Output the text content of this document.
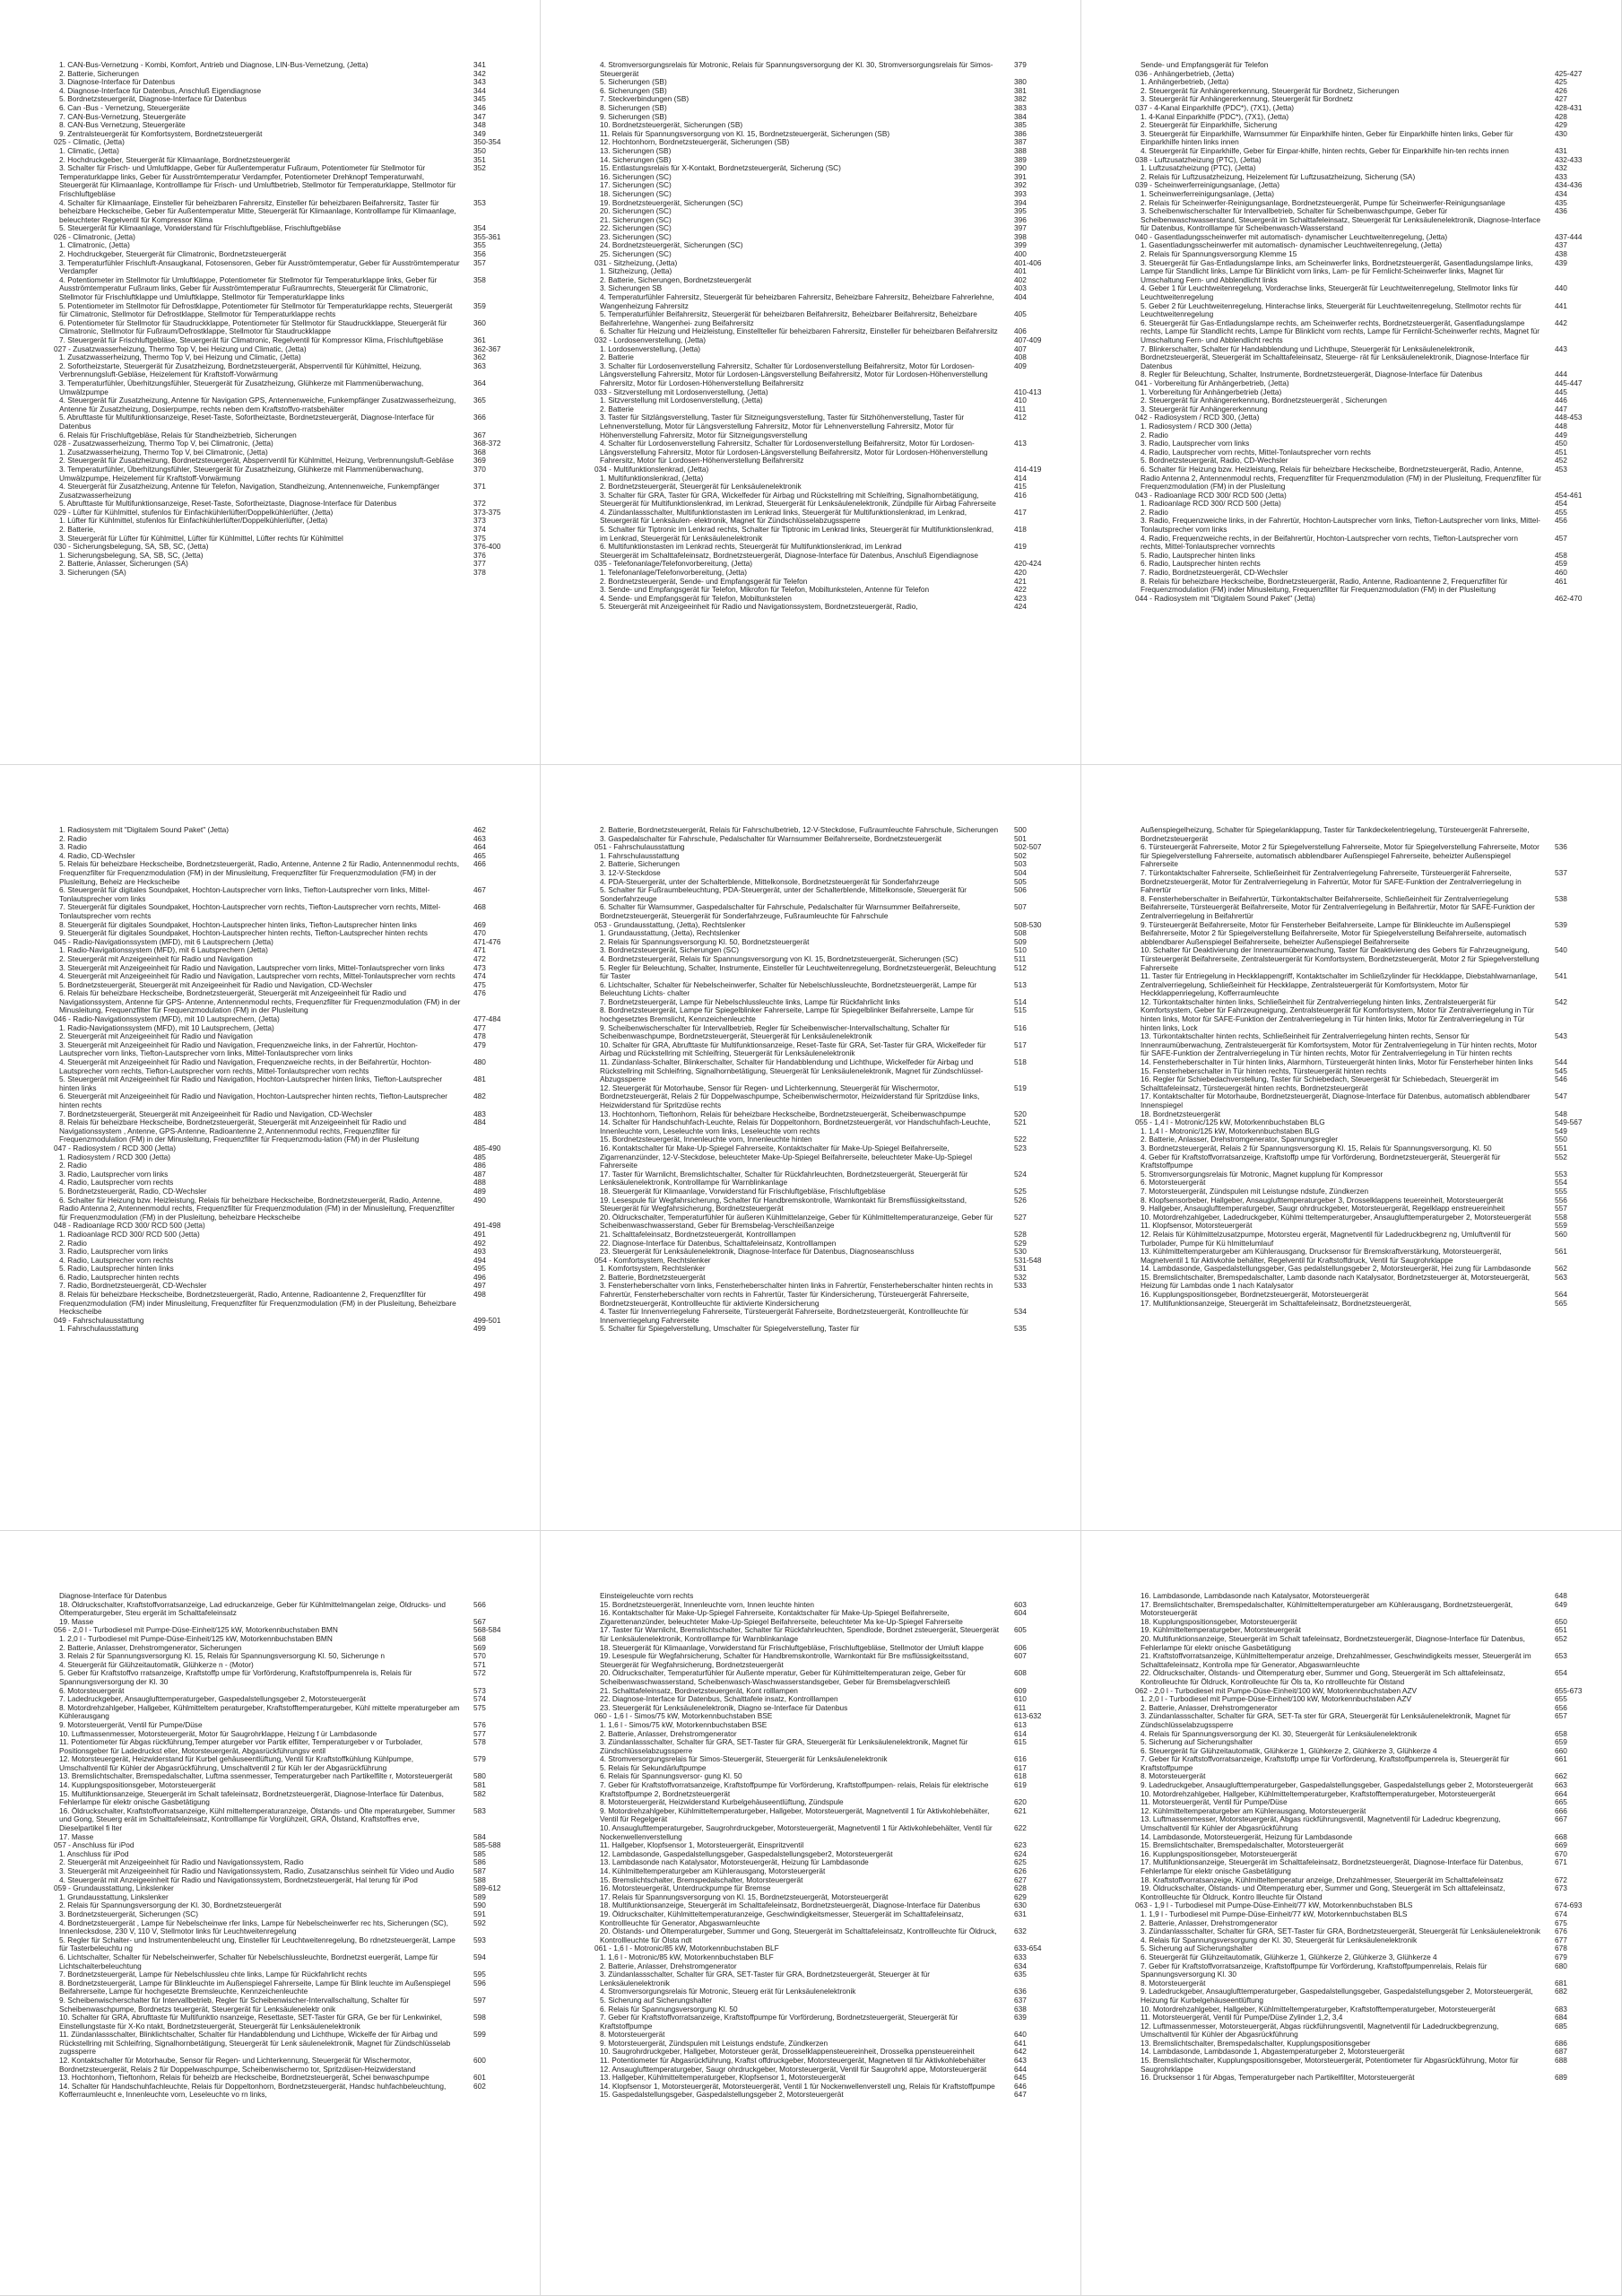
1. CAN-Bus-Vernetzung - Kombi, Komfort, Antrieb und Diagnose, LIN-Bus-Vernetzung, (Jetta)	341
2. Batterie, Sicherungen	342
3. Diagnose-Interface für Datenbus	343
4. Diagnose-Interface für Datenbus, Anschluß Eigendiagnose	344
5. Bordnetzsteuergerät, Diagnose-Interface für Datenbus	345
6. Can -Bus - Vernetzung, Steuergeräte	346
7. CAN-Bus-Vernetzung, Steuergeräte	347
8. CAN-Bus Vernetzung, Steuergeräte	348
9. Zentralsteuergerät für Komfortsystem, Bordnetzsteuergerät	349
025 - Climatic, (Jetta)	350-354
1. Climatic, (Jetta)	350
2. Hochdruckgeber, Steuergerät für Klimaanlage, Bordnetzsteuergerät	351
3. Schalter für Frisch- und Umluftklappe, Geber für Außentemperatur Fußraum, Potentiometer für Stellmotor für Temperaturklappe links, Geber für Ausströmtemperatur Verdampfer, Potentiometer Drehknopf Temperaturwahl, Steuergerät für Klimaanlage, Kontrolllampe für Frisch- und Umluftbetrieb, Stellmotor für Temperaturklappe, Stellmotor für Frischluftgebläse
352
4. Schalter für Klimaanlage, Einsteller für beheizbaren Fahrersitz, Einsteller für beheizbaren Beifahrersitz, Taster für beheizbare Heckscheibe, Geber für Außentemperatur Mitte, Steuergerät für Klimaanlage, Kontrolllampe für Klimaanlage, beleuchteter Regelventil für Kompressor Klima
353
5. Steuergerät für Klimaanlage, Vorwiderstand für Frischluftgebläse, Frischluftgebläse	354
026 - Climatronic, (Jetta)	355-361
1. Climatronic, (Jetta)	355
2. Hochdruckgeber, Steuergerät für Climatronic, Bordnetzsteuergerät	356
3. Temperaturfühler Frischluft-Ansaugkanal, Fotosensoren, Geber für Ausströmtemperatur, Geber für Ausströmtemperatur Verdampfer
357
4. Potentiometer im Stellmotor für Umluftklappe, Potentiometer für Stellmotor für Temperaturklappe links, Geber für Ausströmtemperatur Fußraum links, Geber für Ausströmtemperatur Fußraumrechts, Steuergerät für Climatronic, Stellmotor für Frischluftklappe und Umluftklappe, Stellmotor für Temperaturklappe links
358
5. Potentiometer im Stellmotor für Defrostklappe, Potentiometer für Stellmotor für Temperaturklappe rechts, Steuergerät für Climatronic, Stellmotor für Defrostklappe, Stellmotor für Temperaturklappe rechts
359
6. Potentiometer für Stellmotor für Staudruckklappe, Potentiometer für Stellmotor für Staudruckklappe, Steuergerät für Climatronic, Stellmotor für Fußraum/Defrostklappe, Stellmotor für Staudruckklappe
360
7. Steuergerät für Frischluftgebläse, Steuergerät für Climatronic, Regelventil für Kompressor Klima, Frischluftgebläse	361
027 - Zusatzwasserheizung, Thermo Top V, bei Heizung und Climatic, (Jetta)	362-367
1. Zusatzwasserheizung, Thermo Top V, bei Heizung und Climatic, (Jetta)	362
2. Sofortheizstarte, Steuergerät für Zusatzheizung, Bordnetzsteuergerät, Absperrventil für Kühlmittel, Heizung, Verbrennungsluft-Gebläse, Heizelement für Kraftstoff-Vorwärmung
363
3. Temperaturfühler, Überhitzungsfühler, Steuergerät für Zusatzheizung, Glühkerze mit Flammenüberwachung, Umwälzpumpe
364
4. Steuergerät für Zusatzheizung, Antenne für Navigation GPS, Antennenweiche, Funkempfänger Zusatzwasserheizung, Antenne für Zusatzheizung, Dosierpumpe, rechts neben dem Kraftstoffvo-rratsbehälter
365
5. Abrufttaste für Multifunktionsanzeige, Reset-Taste, Sofortheiztaste, Bordnetzsteuergerät, Diagnose-Interface für Datenbus
366
6. Relais für Frischluftgebläse, Relais für Standheizbetrieb, Sicherungen	367
028 - Zusatzwasserheizung, Thermo Top V, bei Climatronic, (Jetta)	368-372
1. Zusatzwasserheizung, Thermo Top V, bei Climatronic, (Jetta)	368
2. Steuergerät für Zusatzheizung, Bordnetzsteuergerät, Absperrventil für Kühlmittel, Heizung, Verbrennungsluft-Gebläse	369
3. Temperaturfühler, Überhitzungsfühler, Steuergerät für Zusatzheizung, Glühkerze mit Flammenüberwachung, Umwälzpumpe, Heizelement für Kraftstoff-Vorwärmung
370
4. Steuergerät für Zusatzheizung, Antenne für Telefon, Navigation, Standheizung, Antennenweiche, Funkempfänger Zusatzwasserheizung
371
5. Abrufttaste für Multifunktionsanzeige, Reset-Taste, Sofortheiztaste, Diagnose-Interface für Datenbus	372
029 - Lüfter für Kühlmittel, stufenlos für Einfachkühlerlüfter/Doppelkühlerlüfter, (Jetta)	373-375
1. Lüfter für Kühlmittel, stufenlos für Einfachkühlerlüfter/Doppelkühlerlüfter, (Jetta)	373
2. Batterie,	374
3. Steuergerät für Lüfter für Kühlmittel, Lüfter für Kühlmittel, Lüfter rechts für Kühlmittel	375
030 - Sicherungsbelegung, SA, SB, SC, (Jetta)	376-400
1. Sicherungsbelegung, SA, SB, SC, (Jetta)	376
2. Batterie, Anlasser, Sicherungen (SA)	377
3. Sicherungen (SA)	378
4. Stromversorgungsrelais für Motronic, Relais für Spannungsversorgung der Kl. 30, Stromversorgungsrelais für Simos-Steuergerät
379
5. Sicherungen (SB)	380
6. Sicherungen (SB)	381
7. Steckverbindungen (SB)	382
8. Sicherungen (SB)	383
9. Sicherungen (SB)	384
10. Bordnetzsteuergerät, Sicherungen (SB)	385
11. Relais für Spannungsversorgung von Kl. 15, Bordnetzsteuergerät, Sicherungen (SB)	386
12. Hochtonhorn, Bordnetzsteuergerät, Sicherungen (SB)	387
13. Sicherungen (SB)	388
14. Sicherungen (SB)	389
15. Entlastungsrelais für X-Kontakt, Bordnetzsteuergerät, Sicherung (SC)	390
16. Sicherungen (SC)	391
17. Sicherungen (SC)	392
18. Sicherungen (SC)	393
19. Bordnetzsteuergerät, Sicherungen (SC)	394
20. Sicherungen (SC)	395
21. Sicherungen (SC)	396
22. Sicherungen (SC)	397
23. Sicherungen (SC)	398
24. Bordnetzsteuergerät, Sicherungen (SC)	399
25. Sicherungen (SC)	400
031 - Sitzheizung, (Jetta)	401-406
1. Sitzheizung, (Jetta)	401
2. Batterie, Sicherungen, Bordnetzsteuergerät	402
3. Sicherungen SB	403
4. Temperaturfühler Fahrersitz, Steuergerät für beheizbaren Fahrersitz, Beheizbare Fahrersitz, Beheizbare Fahrerlehne, Wangenheizung Fahrersitz
404
5. Temperaturfühler Beifahrersitz, Steuergerät für beheizbaren Beifahrersitz, Beheizbarer Beifahrersitz, Beheizbare Beifahrerlehne, Wangenhei- zung Beifahrersitz
405
6. Schalter für Heizung und Heizleistung, Einstellteller für beheizbaren Fahrersitz, Einsteller für beheizbaren Beifahrersitz	406
032 - Lordosenverstellung, (Jetta)	407-409
1. Lordosenverstellung, (Jetta)	407
2. Batterie	408
3. Schalter für Lordosenverstellung Fahrersitz, Schalter für Lordosenverstellung Beifahrersitz, Motor für Lordosen-Längsverstellung Fahrersitz, Motor für Lordosen-Längsverstellung Beifahrersitz, Motor für Lordosen-Höhenverstellung Fahrersitz, Motor für Lordosen-Höhenverstellung Beifahrersitz
409
033 - Sitzverstellung mit Lordosenverstellung, (Jetta)	410-413
1. Sitzverstellung mit Lordosenverstellung, (Jetta)	410
2. Batterie	411
3. Taster für Sitzlängsverstellung, Taster für Sitzneigungsverstellung, Taster für Sitzhöhenverstellung, Taster für Lehnenverstellung, Motor für Längsverstellung Fahrersitz, Motor für Lehnenverstellung Fahrersitz, Motor für Höhenverstellung Fahrersitz, Motor für Sitzneigungsverstellung
412
4. Schalter für Lordosenverstellung Fahrersitz, Schalter für Lordosenverstellung Beifahrersitz, Motor für Lordosen-Längsverstellung Fahrersitz, Motor für Lordosen-Längsverstellung Beifahrersitz, Motor für Lordosen-Höhenverstellung Fahrersitz, Motor für Lordosen-Höhenverstellung Beifahrersitz
413
034 - Multifunktionslenkrad, (Jetta)	414-419
1. Multifunktionslenkrad, (Jetta)	414
2. Bordnetzsteuergerät, Steuergerät für Lenksäulenelektronik	415
3. Schalter für GRA, Taster für GRA, Wickelfeder für Airbag und Rückstellring mit Schleifring, Signalhornbetätigung, Steuergerät für Multifunktionslenkrad, im Lenkrad, Steuergerät für Lenksäulenelektronik, Zündpille für Airbag Fahrerseite
416
4. Zündanlassschalter, Multifunktionstasten im Lenkrad links, Steuergerät für Multifunktionslenkrad, im Lenkrad, Steuergerät für Lenksäulen- elektronik, Magnet für Zündschlüsselabzugssperre
417
5. Schalter für Tiptronic im Lenkrad rechts, Schalter für Tiptronic im Lenkrad links, Steuergerät für Multifunktionslenkrad, im Lenkrad, Steuergerät für Lenksäulenelektronik
418
6. Multifunktionstasten im Lenkrad rechts, Steuergerät für Multifunktionslenkrad, im Lenkrad	419
Steuergerät im Schalttafeleinsatz, Bordnetzsteuergerät, Diagnose-Interface für Datenbus, Anschluß Eigendiagnose
035 - Telefonanlage/Telefonvorbereitung, (Jetta)	420-424
1. Telefonanlage/Telefonvorbereitung, (Jetta)	420
2. Bordnetzsteuergerät, Sende- und Empfangsgerät für Telefon	421
3. Sende- und Empfangsgerät für Telefon, Mikrofon für Telefon, Mobiltunkstelen, Antenne für Telefon	422
4. Sende- und Empfangsgerät für Telefon, Mobiltunkstelen	423
5. Steuergerät mit Anzeigeeinheit für Radio und Navigationssystem, Bordnetzsteuergerät, Radio,	424
Sende- und Empfangsgerät für Telefon
036 - Anhängerbetrieb, (Jetta)	425-427
1. Anhängerbetrieb, (Jetta)	425
2. Steuergerät für Anhängererkennung, Steuergerät für Bordnetz, Sicherungen	426
3. Steuergerät für Anhängererkennung, Steuergerät für Bordnetz	427
037 - 4-Kanal Einparkhilfe (PDC*), (7X1), (Jetta)	428-431
1. 4-Kanal Einparkhilfe (PDC*), (7X1), (Jetta)	428
2. Steuergerät für Einparkhilfe, Sicherung	429
3. Steuergerät für Einparkhilfe, Warnsummer für Einparkhilfe hinten, Geber für Einparkhilfe hinten links, Geber für Einparkhilfe hinten links innen
430
4. Steuergerät für Einparkhilfe, Geber für Einpar-khilfe, hinten rechts, Geber für Einparkhilfe hin-ten rechts innen	431
038 - Luftzusatzheizung (PTC), (Jetta)	432-433
1. Luftzusatzheizung (PTC), (Jetta)	432
2. Relais für Luftzusatzheizung, Heizelement für Luftzusatzheizung, Sicherung (SA)	433
039 - Scheinwerferreinigungsanlage, (Jetta)	434-436
1. Scheinwerferreinigungsanlage, (Jetta)	434
2. Relais für Scheinwerfer-Reinigungsanlage, Bordnetzsteuergerät, Pumpe für Scheinwerfer-Reinigungsanlage	435
3. Scheibenwischerschalter für Intervallbetrieb, Schalter für Scheibenwaschpumpe, Geber für Scheibenwaschwasserstand, Steuergerät im Schalttafeleinsatz, Steuergerät für Lenksäulenelektronik, Diagnose-Interface für Datenbus, Kontrolllampe für Scheibenwasch-Wasserstand
436
040 - Gasentladungsscheinwerfer mit automatisch- dynamischer Leuchtweitenregelung, (Jetta)	437-444
1. Gasentladungsscheinwerfer mit automatisch- dynamischer Leuchtweitenregelung, (Jetta)	437
2. Relais für Spannungsversorgung Klemme 15	438
3. Steuergerät für Gas-Entladungslampe links, am Scheinwerfer links, Bordnetzsteuergerät, Gasentladungslampe links, Lampe für Standlicht links, Lampe für Blinklicht vorn links, Lam- pe für Fernlicht-Scheinwerfer links, Magnet für Umschaltung Fern- und Abblendlicht links
439
4. Geber 1 für Leuchtweitenregelung, Vorderachse links, Steuergerät für Leuchtweitenregelung, Stellmotor links für Leuchtweitenregelung
440
5. Geber 2 für Leuchtweitenregelung, Hinterachse links, Steuergerät für Leuchtweitenregelung, Stellmotor rechts für Leuchtweitenregelung
441
6. Steuergerät für Gas-Entladungslampe rechts, am Scheinwerfer rechts, Bordnetzsteuergerät, Gasentladungslampe rechts, Lampe für Standlicht rechts, Lampe für Blinklicht vorn rechts, Lampe für Fernlicht-Scheinwerfer rechts, Magnet für Umschaltung Fern- und Abblendlicht rechts
442
7. Blinkerschalter, Schalter für Handabblendung und Lichthupe, Steuergerät für Lenksäulenelektronik, Bordnetzsteuergerät, Steuergerät im Schalttafeleinsatz, Steuerge- rät für Lenksäulenelektronik, Diagnose-Interface für Datenbus
443
8. Regler für Beleuchtung, Schalter, Instrumente, Bordnetzsteuergerät, Diagnose-Interface für Datenbus	444
041 - Vorbereitung für Anhängerbetrieb, (Jetta)	445-447
1. Vorbereitung für Anhängerbetrieb (Jetta)	445
2. Steuergerät für Anhängererkennung, Bordnetzsteuergerät , Sicherungen	446
3. Steuergerät für Anhängererkennung	447
042 - Radiosystem / RCD 300, (Jetta)	448-453
1. Radiosystem / RCD 300 (Jetta)	448
2. Radio	449
3. Radio, Lautsprecher vorn links	450
4. Radio, Lautsprecher vorn rechts, Mittel-Tonlautsprecher vorn rechts	451
5. Bordnetzsteuergerät, Radio, CD-Wechsler	452
6. Schalter für Heizung bzw. Heizleistung, Relais für beheizbare Heckscheibe, Bordnetzsteuergerät, Radio, Antenne, Radio Antenna 2, Antennenmodul rechts, Frequenzfilter für Frequenzmodulation (FM) in der Plusleitung, Frequenzfilter für Frequenzmodulation (FM) in der Plusleitung
453
043 - Radioanlage RCD 300/ RCD 500 (Jetta)	454-461
1. Radioanlage RCD 300/ RCD 500 (Jetta)	454
2. Radio	455
3. Radio, Frequenzweiche links, in der Fahrertür, Hochton-Lautsprecher vorn links, Tiefton-Lautsprecher vorn links, Mittel-Tonlautsprecher vorn links
456
4. Radio, Frequenzweiche rechts, in der Beifahrertür, Hochton-Lautsprecher vorn rechts, Tiefton-Lautsprecher vorn rechts, Mittel-Tonlautsprecher vornrechts
457
5. Radio, Lautsprecher hinten links	458
6. Radio, Lautsprecher hinten rechts	459
7. Radio, Bordnetzsteuergerät, CD-Wechsler	460
8. Relais für beheizbare Heckscheibe, Bordnetzsteuergerät, Radio, Antenne, Radioantenne 2, Frequenzfilter für Frequenzmodulation (FM) inder Minusleitung, Frequenzfilter für Frequenzmodulation (FM) in der Plusleitung
461
044 - Radiosystem mit "Digitalem Sound Paket" (Jetta)	462-470
1. Radiosystem mit "Digitalem Sound Paket" (Jetta)	462
2. Radio	463
3. Radio	464
4. Radio, CD-Wechsler	465
5. Relais für beheizbare Heckscheibe, Bordnetzsteuergerät, Radio, Antenne, Antenne 2 für Radio, Antennenmodul rechts, Frequenzfilter für Frequenzmodulation (FM) in der Minusleitung, Frequenzfilter für Frequenzmodulation (FM) in der Plusleitung, Beheiz are Heckscheibe
466
6. Steuergerät für digitales Soundpaket, Hochton-Lautsprecher vorn links, Tiefton-Lautsprecher vorn links, Mittel-Tonlautsprecher vorn links
467
7. Steuergerät für digitales Soundpaket, Hochton-Lautsprecher vorn rechts, Tiefton-Lautsprecher vorn rechts, Mittel-Tonlautsprecher vorn rechts
468
8. Steuergerät für digitales Soundpaket, Hochton-Lautsprecher hinten links, Tiefton-Lautsprecher hinten links	469
9. Steuergerät für digitales Soundpaket, Hochton-Lautsprecher hinten rechts, Tiefton-Lautsprecher hinten rechts	470
045 - Radio-Navigationssystem (MFD), mit 6 Lautsprechern (Jetta)	471-476
1. Radio-Navigationssystem (MFD), mit 6 Lautsprechern (Jetta)	471
2. Steuergerät mit Anzeigeeinheit für Radio und Navigation	472
3. Steuergerät mit Anzeigeeinheit für Radio und Navigation, Lautsprecher vorn links, Mittel-Tonlautsprecher vorn links	473
4. Steuergerät mit Anzeigeeinheit für Radio und Navigation, Lautsprecher vorn rechts, Mittel-Tonlautsprecher vorn rechts	474
5. Bordnetzsteuergerät, Steuergerät mit Anzeigeeinheit für Radio und Navigation, CD-Wechsler	475
6. Relais für beheizbare Heckscheibe, Bordnetzsteuergerät, Steuergerät mit Anzeigeeinheit für Radio und Navigationssystem, Antenne für GPS- Antenne, Antennenmodul rechts, Frequenzfilter für Frequenzmodulation (FM) in der Minusleitung, Frequenzfilter für Frequenzmodulation (FM) in der Plusleitung
476
046 - Radio-Navigationssystem (MFD), mit 10 Lautsprechern, (Jetta)	477-484
1. Radio-Navigationssystem (MFD), mit 10 Lautsprechern, (Jetta)	477
2. Steuergerät mit Anzeigeeinheit für Radio und Navigation	478
3. Steuergerät mit Anzeigeeinheit für Radio und Navigation, Frequenzweiche links, in der Fahrertür, Hochton-Lautsprecher vorn links, Tiefton-Lautsprecher vorn links, Mittel-Tonlautsprecher vorn links
479
4. Steuergerät mit Anzeigeeinheit für Radio und Navigation, Frequenzweiche rechts, in der Beifahrertür, Hochton-Lautsprecher vorn rechts, Tiefton-Lautsprecher vorn rechts, Mittel-Tonlautsprecher vorn rechts
480
5. Steuergerät mit Anzeigeeinheit für Radio und Navigation, Hochton-Lautsprecher hinten links, Tiefton-Lautsprecher hinten links
481
6. Steuergerät mit Anzeigeeinheit für Radio und Navigation, Hochton-Lautsprecher hinten rechts, Tiefton-Lautsprecher hinten rechts
482
7. Bordnetzsteuergerät, Steuergerät mit Anzeigeeinheit für Radio und Navigation, CD-Wechsler	483
8. Relais für beheizbare Heckscheibe, Bordnetzsteuergerät, Steuergerät mit Anzeigeeinheit für Radio und Navigationssystem , Antenne, GPS-Antenne, Radioantenne 2, Antennenmodul rechts, Frequenzfilter für Frequenzmodulation (FM) in der Minusleitung, Frequenzfilter für Frequenzmodu-lation (FM) in der Plusleitung
484
047 - Radiosystem / RCD 300 (Jetta)	485-490
1. Radiosystem / RCD 300 (Jetta)	485
2. Radio	486
3. Radio, Lautsprecher vorn links	487
4. Radio, Lautsprecher vorn rechts	488
5. Bordnetzsteuergerät, Radio, CD-Wechsler	489
6. Schalter für Heizung bzw. Heizleistung, Relais für beheizbare Heckscheibe, Bordnetzsteuergerät, Radio, Antenne, Radio Antenna 2, Antennenmodul rechts, Frequenzfilter für Frequenzmodulation (FM) in der Minusleitung, Frequenzfilter für Frequenzmodulation (FM) in der Plusleitung, beheizbare Heckscheibe
490
048 - Radioanlage RCD 300/ RCD 500 (Jetta)	491-498
1. Radioanlage RCD 300/ RCD 500 (Jetta)	491
2. Radio	492
3. Radio, Lautsprecher vorn links	493
4. Radio, Lautsprecher vorn rechts	494
5. Radio, Lautsprecher hinten links	495
6. Radio, Lautsprecher hinten rechts	496
7. Radio, Bordnetzsteuergerät, CD-Wechsler	497
8. Relais für beheizbare Heckscheibe, Bordnetzsteuergerät, Radio, Antenne, Radioantenne 2, Frequenzfilter für Frequenzmodulation (FM) inder Minusleitung, Frequenzfilter für Frequenzmodulation (FM) in der Plusleitung, Beheizbare Heckscheibe
498
049 - Fahrschulausstattung	499-501
1. Fahrschulausstattung	499
2. Batterie, Bordnetzsteuergerät, Relais für Fahrschulbetrieb, 12-V-Steckdose, Fußraumleuchte Fahrschule, Sicherungen	500
3. Gaspedalschalter für Fahrschule, Pedalschalter für Warnsummer Beifahrerseite, Bordnetzsteuergerät	501
051 - Fahrschulausstattung	502-507
1. Fahrschulausstattung	502
2. Batterie, Sicherungen	503
3. 12-V-Steckdose	504
4. PDA-Steuergerät, unter der Schalterblende, Mittelkonsole, Bordnetzsteuergerät für Sonderfahrzeuge	505
5. Schalter für Fußraumbeleuchtung, PDA-Steuergerät, unter der Schalterblende, Mittelkonsole, Steuergerät für Sonderfahrzeuge
506
6. Schalter für Warnsummer, Gaspedalschalter für Fahrschule, Pedalschalter für Warnsummer Beifahrerseite, Bordnetzsteuergerät, Steuergerät für Sonderfahrzeuge, Fußraumleuchte für Fahrschule
507
053 - Grundausstattung, (Jetta), Rechtslenker	508-530
1. Grundausstattung, (Jetta), Rechtslenker	508
2. Relais für Spannungsversorgung Kl. 50, Bordnetzsteuergerät	509
3. Bordnetzsteuergerät, Sicherungen (SC)	510
4. Bordnetzsteuergerät, Relais für Spannungsversorgung von Kl. 15, Bordnetzsteuergerät, Sicherungen (SC)	511
5. Regler für Beleuchtung, Schalter, Instrumente, Einsteller für Leuchtweitenregelung, Bordnetzsteuergerät, Beleuchtung für Taster
512
6. Lichtschalter, Schalter für Nebelscheinwerfer, Schalter für Nebelschlussleuchte, Bordnetzsteuergerät, Lampe für Beleuchtung Lichts- chalter
513
7. Bordnetzsteuergerät, Lampe für Nebelschlussleuchte links, Lampe für Rückfahrlicht links	514
8. Bordnetzsteuergerät, Lampe für Spiegelblinker Fahrerseite, Lampe für Spiegelblinker Beifahrerseite, Lampe für hochgesetztes Bremslicht, Kennzeichenleuchte
515
9. Scheibenwischerschalter für Intervallbetrieb, Regler für Scheibenwischer-Intervallschaltung, Schalter für Scheibenwaschpumpe, Bordnetzsteuergerät, Steuergerät für Lenksäulenelektronik
516
10. Schalter für GRA, Abrufttaste für Multifunktionsanzeige, Reset-Taste für GRA, Set-Taster für GRA, Wickelfeder für Airbag und Rückstellring mit Schleifring, Steuergerät für Lenksäulenelektronik
517
11. Zündanlass-Schalter, Blinkerschalter, Schalter für Handabblendung und Lichthupe, Wickelfeder für Airbag und Rückstellring mit Schleifring, Signalhornbetätigung, Steuergerät für Lenksäulenelektronik, Magnet für Zündschlüssel-Abzugssperre
518
12. Steuergerät für Motorhaube, Sensor für Regen- und Lichterkennung, Steuergerät für Wischermotor, Bordnetzsteuergerät, Relais 2 für Doppelwaschpumpe, Scheibenwischermotor, Heizwiderstand für Spritzdüse links, Heizwiderstand für Spritzdüse rechts
519
13. Hochtonhorn, Tieftonhorn, Relais für beheizbare Heckscheibe, Bordnetzsteuergerät, Scheibenwaschpumpe	520
14. Schalter für Handschuhfach-Leuchte, Relais für Doppeltonhorn, Bordnetzsteuergerät, vor Handschuhfach-Leuchte, Innenleuchte vorn, Leseleuchte vorn links, Leseleuchte vorn rechts
521
15. Bordnetzsteuergerät, Innenleuchte vorn, Innenleuchte hinten	522
16. Kontaktschalter für Make-Up-Spiegel Fahrerseite, Kontaktschalter für Make-Up-Spiegel Beifahrerseite, Zigarrenanzünder, 12-V-Steckdose, beleuchteter Make-Up-Spiegel Beifahrerseite, beleuchteter Make-Up-Spiegel Fahrerseite
523
17. Taster für Warnlicht, Bremslichtschalter, Schalter für Rückfahrleuchten, Bordnetzsteuergerät, Steuergerät für Lenksäulenelektronik, Kontrolllampe für Warnblinkanlage
524
18. Steuergerät für Klimaanlage, Vorwiderstand für Frischluftgebläse, Frischluftgebläse	525
19. Lesespule für Wegfahrsicherung, Schalter für Handbremskontrolle, Warnkontakt für Bremsflüssigkeitsstand, Steuergerät für Wegfahrsicherung, Bordnetzsteuergerät
526
20. Öldruckschalter, Temperaturfühler für äußeren Kühlmittelanzeige, Geber für Kühlmitteltemperaturanzeige, Geber für Scheibenwaschwasserstand, Geber für Bremsbelag-Verschleißanzeige
527
21. Schalttafeleinsatz, Bordnetzsteuergerät, Kontrolllampen	528
22. Diagnose-Interface für Datenbus, Schalttafeleinsatz, Kontrolllampen	529
23. Steuergerät für Lenksäulenelektronik, Diagnose-Interface für Datenbus, Diagnoseanschluss	530
054 - Komfortsystem, Rechtslenker	531-548
1. Komfortsystem, Rechtslenker	531
2. Batterie, Bordnetzsteuergerät	532
3. Fensterheberschalter vorn links, Fensterheberschalter hinten links in Fahrertür, Fensterheberschalter hinten rechts in Fahrertür, Fensterheberschalter vorn rechts in Fahrertür, Taster für Kindersicherung, Türsteuergerät Fahrerseite, Bordnetzsteuergerät, Kontrollleuchte für aktivierte Kindersicherung
533
4. Taster für Innenverriegelung Fahrerseite, Türsteuergerät Fahrerseite, Bordnetzsteuergerät, Kontrollleuchte für Innenverriegelung Fahrerseite
534
5. Schalter für Spiegelverstellung, Umschalter für Spiegelverstellung, Taster für	535
Außenspiegelheizung, Schalter für Spiegelanklappung, Taster für Tankdeckelentriegelung, Türsteuergerät Fahrerseite, Bordnetzsteuergerät
6. Türsteuergerät Fahrerseite, Motor 2 für Spiegelverstellung Fahrerseite, Motor für Spiegelverstellung Fahrerseite, Motor für Spiegelverstellung Fahrerseite, automatisch abblendbarer Außenspiegel Fahrerseite, beheizter Außenspiegel Fahrerseite
536
7. Türkontaktschalter Fahrerseite, Schließeinheit für Zentralverriegelung Fahrerseite, Türsteuergerät Fahrerseite, Bordnetzsteuergerät, Motor für Zentralverriegelung in Fahrertür, Motor für SAFE-Funktion der Zentralverriegelung in Fahrertür
537
8. Fensterheberschalter in Beifahrertür, Türkontaktschalter Beifahrerseite, Schließeinheit für Zentralverriegelung Beifahrerseite, Türsteuergerät Beifahrerseite, Motor für Zentralverriegelung in Beifahrertür, Motor für SAFE-Funktion der Zentralverriegelung in Beifahrertür
538
9. Türsteuergerät Beifahrerseite, Motor für Fensterheber Beifahrerseite, Lampe für Blinkleuchte im Außenspiegel Beifahrerseite, Motor 2 für Spiegelverstellung Beifahrerseite, Motor für Spiegelverstellung Beifahrerseite, automatisch abblendbarer Außenspiegel Beifahrerseite, beheizter Außenspiegel Beifahrerseite
539
10. Schalter für Deaktivierung der Innenraumüberwachung, Taster für Deaktivierung des Gebers für Fahrzeugneigung, Türsteuergerät Beifahrerseite, Zentralsteuergerät für Komfortsystem, Bordnetzsteuergerät, Motor 2 für Spiegelverstellung Fahrerseite
540
11. Taster für Entriegelung in Heckklappengriff, Kontaktschalter im Schließzylinder für Heckklappe, Diebstahlwarnanlage, Zentralverriegelung, Schließeinheit für Heckklappe, Zentralsteuergerät für Komfortsystem, Motor für Heckklappenriegelung, Kofferraumleuchte
541
12. Türkontaktschalter hinten links, Schließeinheit für Zentralverriegelung hinten links, Zentralsteuergerät für Komfortsystem, Geber für Fahrzeugneigung, Zentralsteuergerät für Komfortsystem, Motor für Zentralverriegelung in Tür hinten links, Motor für SAFE-Funktion der Zentralverriegelung in Tür hinten links, Motor für Zentralverriegelung in Tür hinten links, Lock
542
13. Türkontaktschalter hinten rechts, Schließeinheit für Zentralverriegelung hinten rechts, Sensor für Innenraumüberwachung, Zentralsteuergerät für Komfortsystem, Motor für Zentralverriegelung in Tür hinten rechts, Motor für SAFE-Funktion der Zentralverriegelung in Tür hinten rechts, Motor für Zentralverriegelung in Tür hinten rechts
543
14. Fensterheberschalter in Tür hinten links, Alarmhorn, Türsteuergerät hinten links, Motor für Fensterheber hinten links	544
15. Fensterheberschalter in Tür hinten rechts, Türsteuergerät hinten rechts	545
16. Regler für Schiebedachverstellung, Taster für Schiebedach, Steuergerät für Schiebedach, Steuergerät im Schalttafeleinsatz, Türsteuergerät hinten rechts, Bordnetzsteuergerät
546
17. Kontaktschalter für Motorhaube, Bordnetzsteuergerät, Diagnose-Interface für Datenbus, automatisch abblendbarer Innenspiegel
547
18. Bordnetzsteuergerät	548
055 - 1,4 l - Motronic/125 kW, Motorkennbuchstaben BLG	549-567
1. 1,4 l - Motronic/125 kW, Motorkennbuchstaben BLG	549
2. Batterie, Anlasser, Drehstromgenerator, Spannungsregler	550
3. Bordnetzsteuergerät, Relais 2 für Spannungsversorgung Kl. 15, Relais für Spannungsversorgung, Kl. 50	551
4. Geber für Kraftstoffvorratsanzeige, Kraftstoffp umpe für Vorförderung, Bordnetzsteuergerät, Steuergerät für Kraftstoffpumpe
552
5. Stromversorgungsrelais für Motronic, Magnet kupplung für Kompressor	553
6. Motorsteuergerät	554
7. Motorsteuergerät, Zündspulen mit Leistungse ndstufe, Zündkerzen	555
8. Klopfsensorbeber, Hallgeber, Ansauglufttemperaturgeber 3, Drosselklappens teuereinheit, Motorsteuergerät	556
9. Hallgeber, Ansauglufttemperaturgeber, Saugr ohrdruckgeber, Motorsteuergerät, Regelklapp enstreuereinheit	557
10. Motordrehzahlgeber, Ladedruckgeber, Kühlmi tteltemperaturgeber, Ansauglufttemperaturgeber 2, Motorsteuergerät	558
11. Klopfsensor, Motorsteuergerät	559
12. Relais für Kühlmittelzusatzpumpe, Motorsteu ergerät, Magnetventil für Ladedruckbegrenz ng, Umluftventil für Turbolader, Pumpe für Kü hlmittelumlauf
560
13. Kühlmitteltemperaturgeber am Kühlerausgang, Drucksensor für Bremskraftverstärkung, Motorsteuergerät, Magnetventil 1 für Aktivkohle behälter, Regelventil für Kraftstoffdruck, Ventil für Saugrohrklappe
561
14. Lambdasonde, Gaspedalstellungsgeber, Gas pedalstellungsgeber 2, Motorsteuergerät, Hei zung für Lambdasonde	562
15. Bremslichtschalter, Bremspedalschalter, Lamb dasonde nach Katalysator, Bordnetzsteuerger ät, Motorsteuergerät, Heizung für Lambdas onde 1 nach Katalysator
563
16. Kupplungspositionsgeber, Bordnetzsteuergerät, Motorsteuergerät	564
17. Multifunktionsanzeige, Steuergerät im Schalttafeleinsatz, Bordnetzsteuergerät,	565
Diagnose-Interface für Datenbus
18. Öldruckschalter, Kraftstoffvorratsanzeige, Lad edruckanzeige, Geber für Kühlmittelmangelan zeige, Öldrucks- und Öltemperaturgeber, Steu ergerät im Schalttafeleinsatz
566
19. Masse	567
056 - 2,0 l - Turbodiesel mit Pumpe-Düse-Einheit/125 kW, Motorkennbuchstaben BMN	568-584
1. 2,0 l - Turbodiesel mit Pumpe-Düse-Einheit/125 kW, Motorkennbuchstaben BMN	568
2. Batterie, Anlasser, Drehstromgenerator, Sicherungen	569
3. Relais 2 für Spannungsversorgung Kl. 15, Relais für Spannungsversorgung Kl. 50, Sicherunge n	570
4. Steuergerät für Glühzeitautomatik, Glühkerze n - (Motor)	571
5. Geber für Kraftstoffvo rratsanzeige, Kraftstoffp umpe für Vorförderung, Kraftstoffpumpenrela is, Relais für Spannungsversorgung der Kl. 30
572
6. Motorsteuergerät	573
7. Ladedruckgeber, Ansauglufttemperaturgeber, Gaspedalstellungsgeber 2, Motorsteuergerät	574
8. Motordrehzahlgeber, Hallgeber, Kühlmitteltem peraturgeber, Kraftstofftemperaturgeber, Kühl mittelte mperaturgeber am Kühlerausgang
575
9. Motorsteuergerät, Ventil für Pumpe/Düse	576
10. Luftmassenmesser, Motorsteuergerät, Motor für Saugrohrklappe, Heizung f ür Lambdasonde	577
11. Potentiometer für Abgas rückführung,Temper aturgeber vor Partik elfilter, Temperaturgeber v or Turbolader, Positionsgeber für Ladedruckst eller, Motorsteuergerät, Abgasrückführungsv entil
578
12. Motorsteuergerät, Heizwiderstand für Kurbel gehäuseentlüftung, Ventil für Kraftstoffkühlung Kühlpumpe, Umschaltventil für Kühler der Abgasrückführung, Umschaltventil 2 für Küh ler der Abgasrückführung
579
13. Bremslichtschalter, Bremspedalschalter, Luftma ssenmesser, Temperaturgeber nach Partikelfilte r, Motorsteuergerät	580
14. Kupplungspositionsgeber, Motorsteuergerät	581
15. Multifunktionsanzeige, Steuergerät im Schalt tafeleinsatz, Bordnetzsteuergerät, Diagnose-Interface für Datenbus, Fehlerlampe für elektr onische Gasbetätigung
582
16. Öldruckschalter, Kraftstoffvorratsanzeige, Kühl mitteltemperaturanzeige, Ölstands- und Ölte mperaturgeber, Summer und Gong, Steuerg erät im Schalttafeleinsatz, Kontrolllampe für Vorglühzeit, GRA, Ölstand, Kraftstoffres erve, Dieselpartikel fi lter
583
17. Masse	584
057 - Anschluss für iPod	585-588
1. Anschluss für iPod	585
2. Steuergerät mit Anzeigeeinheit für Radio und Navigationssystem, Radio	586
3. Steuergerät mit Anzeigeeinheit für Radio und Navigationssystem, Radio, Zusatzanschlus seinheit für Video und Audio	587
4. Steuergerät mit Anzeigeeinheit für Radio und Navigationssystem, Bordnetzsteuergerät, Hal terung für iPod	588
059 - Grundausstattung, Linkslenker	589-612
1. Grundausstattung, Linkslenker	589
2. Relais für Spannungsversorgung der Kl. 30, Bordnetzsteuergerät	590
3. Bordnetzsteuergerät, Sicherungen (SC)	591
4. Bordnetzsteuergerät , Lampe für Nebelscheinwe rfer links, Lampe für Nebelscheinwerfer rec hts, Sicherungen (SC), Innenlecksdose, 230 V, 110 V, Stellmotor links für Leuchtweitenregelung
592
5. Regler für Schalter- und Instrumentenbeleucht ung, Einsteller für Leuchtweitenregelung, Bo rdnetzsteuergerät, Lampe für Tasterbeleuchtu ng
593
6. Lichtschalter, Schalter für Nebelscheinwerfer, Schalter für Nebelschlussleuchte, Bordnetzst euergerät, Lampe für Lichtschalterbeleuchtung
594
7. Bordnetzsteuergerät, Lampe für Nebelschlussleu chte links, Lampe für Rückfahrlicht rechts	595
8. Bordnetzsteuergerät, Lampe für Blinkleuchte im Außenspiegel Fahrerseite, Lampe für Blink leuchte im Außenspiegel Beifahrerseite, Lampe für hochgesetzte Bremsleuchte, Kennzeichenleuchte
596
9. Scheibenwischerschalter für Intervallbetrieb, Regler für Scheibenwischer-Intervallschaltung, Schalter für Scheibenwaschpumpe, Bordnetzs teuergerät, Steuergerät für Lenksäulenelektr onik
597
10. Schalter für GRA, Abrufttaste für Multifunktio nsanzeige, Resettaste, SET-Taster für GRA, Ge ber für Lenkwinkel, Einstellungstaste für X-Ko ntakt, Bordnetzsteuergerät, Steuergerät für Lenksäulenelektronik
598
11. Zündanlassschalter, Blinklichtschalter, Schalter für Handabblendung und Lichthupe, Wickelfe der für Airbag und Rückstellring mit Schleifring, Signalhornbetätigung, Steuergerät für Lenk säulenelektronik, Magnet für Zündschlüsselab zugssperre
599
12. Kontaktschalter für Motorhaube, Sensor für Regen- und Lichterkennung, Steuergerät für Wischermotor, Bordnetzsteuergerät, Relais 2 für Doppelwaschpumpe, Scheibenwischermo tor, Spritzdüsen-Heizwiderstand
600
13. Hochtonhorn, Tieftonhorn, Relais für beheizb are Heckscheibe, Bordnetzsteuergerät, Schei benwaschpumpe	601
14. Schalter für Handschuhfachleuchte, Relais für Doppeltonhorn, Bordnetzsteuergerät, Handsc huhfachbeleuchtung, Kofferraumleucht e, Innenleuchte vorn, Leseleuchte vo rn links,
602
Einsteigeleuchte vorn rechts
15. Bordnetzsteuergerät, Innenleuchte vorn, Innen leuchte hinten	603
16. Kontaktschalter für Make-Up-Spiegel Fahrerseite, Kontaktschalter für Make-Up-Spiegel Beifahrerseite, Zigarettenanzünder, beleuchteter Make-Up-Spiegel Beifahrerseite, beleuchteter Ma ke-Up-Spiegel Fahrerseite
604
17. Taster für Warnlicht, Bremslichtschalter, Schalter für Rückfahrleuchten, Spendlode, Bordnet zsteuergerät, Steuergerät für Lenksäulenelektronik, Kontrolllampe für Warnblinkanlage
605
18. Steuergerät für Klimaanlage, Vorwiderstand für Frischluftgebläse, Frischluftgebläse, Stellmotor der Umluft klappe	606
19. Lesespule für Wegfahrsicherung, Schalter für Handbremskontrolle, Warnkontakt für Bre msflüssigkeitsstand, Steuergerät für Wegfahrsicherung, Bordnetzsteuergerät
607
20. Öldruckschalter, Temperaturfühler für Außente mperatur, Geber für Kühlmitteltemperaturan zeige, Geber für Scheibenwaschwasserstand, Scheibenwasch-Waschwasserstandsgeber, Geber für Bremsbelagverschleiß
608
21. Schalttafeleinsatz, Bordnetzsteuergerät, Kont rolllampen	609
22. Diagnose-Interface für Datenbus, Schalttafele insatz, Kontrolllampen	610
23. Steuergerät für Lenksäulenelektronik, Diagno se-Interface für Datenbus	611
060 - 1,6 l - Simos/75 kW, Motorkennbuchstaben BSE	613-632
1. 1,6 l - Simos/75 kW, Motorkennbuchstaben BSE	613
2. Batterie, Anlasser, Drehstromgenerator	614
3. Zündanlassschalter, Schalter für GRA, SET-Taster für GRA, Steuergerät für Lenksäulenelektronik, Magnet für Zündschlüsselabzugssperre
615
4. Stromversorgungsrelais für Simos-Steuergerät, Steuergerät für Lenksäulenelektronik	616
5. Relais für Sekundärluftpumpe	617
6. Relais für Spannungsversor- gung Kl. 50	618
7. Geber für Kraftstoffvorratsanzeige, Kraftstoffpumpe für Vorförderung, Kraftstoffpumpen- relais, Relais für elektrische Kraftstoffpumpe 2, Bordnetzsteuergerät
619
8. Motorsteuergerät, Heizwiderstand Kurbelgehäuseentlüftung, Zündspule	620
9. Motordrehzahlgeber, Kühlmitteltemperaturgeber, Hallgeber, Motorsteuergerät, Magnetventil 1 für Aktivkohlebehälter, Ventil für Regelgerät
621
10. Ansauglufttemperaturgeber, Saugrohrdruckgeber, Motorsteuergerät, Magnetventil 1 für Aktivkohlebehälter, Ventil für Nockenwellenverstellung
622
11. Hallgeber, Klopfsensor 1, Motorsteuergerät, Einspritzventil	623
12. Lambdasonde, Gaspedalstellungsgeber, Gaspedalstellungsgeber2, Motorsteuergerät	624
13. Lambdasonde nach Katalysator, Motorsteuergerät, Heizung für Lambdasonde	625
14. Kühlmitteltemperaturgeber am Kühlerausgang, Motorsteuergerät	626
15. Bremslichtschalter, Bremspedalschalter, Motorsteuergerät	627
16. Motorsteuergerät, Unterdruckpumpe für Bremse	628
17. Relais für Spannungsversorgung von Kl. 15, Bordnetzsteuergerät, Motorsteuergerät	629
18. Multifunktionsanzeige, Steuergerät im Schalttafeleinsatz, Bordnetzsteuergerät, Diagnose-Interface für Datenbus	630
19. Öldruckschalter, Kühlmitteltemperaturanzeige, Geschwindigkeitsmesser, Steuergerät im Schalttafeleinsatz, Kontrollleuchte für Generator, Abgaswarnleuchte
631
20. Ölstands- und Öltemperaturgeber, Summer und Gong, Steuergerät im Schalttafeleinsatz, Kontrollleuchte für Öldruck, Kontrollleuchte für Ölsta ndt
632
061 - 1,6 l - Motronic/85 kW, Motorkennbuchstaben BLF	633-654
1. 1,6 l - Motronic/85 kW, Motorkennbuchstaben BLF	633
2. Batterie, Anlasser, Drehstromgenerator	634
3. Zündanlassschalter, Schalter für GRA, SET-Taster für GRA, Bordnetzsteuergerät, Steuerger ät für Lenksäulenelektronik
635
4. Stromversorgungsrelais für Motronic, Steuerg erät für Lenksäulenelektronik	636
5. Sicherung auf Sicherungshalter	637
6. Relais für Spannungsversorgung Kl. 50	638
7. Geber für Kraftstoffvorratsanzeige, Kraftstoffpumpe für Vorförderung, Bordnetzsteuergerät, Steuergerät für Kraftstoffpumpe
639
8. Motorsteuergerät	640
9. Motorsteuergerät, Zündspulen mit Leistungs endstufe, Zündkerzen	641
10. Saugrohrdruckgeber, Hallgeber, Motorsteuer gerät, Drosselklappensteuereinheit, Drosselka ppensteuereinheit	642
11. Potentiometer für Abgasrückführung, Kraftst offdruckgeber, Motorsteuergerät, Magnetven til für Aktivkohlebehälter	643
12. Ansauglufttemperaturgeber, Saugr ohrdruckgeber, Motorsteuergerät, Ventil für Saugrohrkl appe, Motorsteuergerät	644
13. Hallgeber, Kühlmitteltemperaturgeber, Klopfsensor 1, Motorsteuergerät	645
14. Klopfsensor 1, Motorsteuergerät, Motorsteuergerät, Ventil 1 für Nockenwellenverstell ung, Relais für Kraftstoffpumpe	646
15. Gaspedalstellungsgeber, Gaspedalstellungsgeber 2, Motorsteuergerät	647
16. Lambdasonde, Lambdasonde nach Katalysator, Motorsteuergerät	648
17. Bremslichtschalter, Bremspedalschalter, Kühlmitteltemperaturgeber am Kühlerausgang, Bordnetzsteuergerät, Motorsteuergerät
649
18. Kupplungspositionsgeber, Motorsteuergerät	650
19. Kühlmitteltemperaturgeber, Motorsteuergerät	651
20. Multifunktionsanzeige, Steuergerät im Schalt tafeleinsatz, Bordnetzsteuergerät, Diagnose-Interface für Datenbus, Fehlerlampe für elektr onische Gasbetätigung
652
21. Kraftstoffvorratsanzeige, Kühlmitteltemperatur anzeige, Drehzahlmesser, Geschwindigkeits messer, Steuergerät im Schalttafeleinsatz, Kontrolla mpe für Generator, Abgaswarnleuchte
653
22. Öldruckschalter, Ölstands- und Öltemperaturg eber, Summer und Gong, Steuergerät im Sch alttafeleinsatz, Kontrolleuchte für Öldruck, Kontrolleuchte für Öls ta, Ko ntrollleuchte für Ölstand
654
062 - 2,0 l - Turbodiesel mit Pumpe-Düse-Einheit/100 kW, Motorkennbuchstaben AZV	655-673
1. 2,0 l - Turbodiesel mit Pumpe-Düse-Einheit/100 kW, Motorkennbuchstaben AZV	655
2. Batterie, Anlasser, Drehstromgenerator	656
3. Zündanlassschalter, Schalter für GRA, SET-Ta ster für GRA, Steuergerät für Lenksäulenelektronik, Magnet für Zündschlüsselabzugssperre
657
4. Relais für Spannungsversorgung der Kl. 30, Steuergerät für Lenksäulenelektronik	658
5. Sicherung auf Sicherungshalter	659
6. Steuergerät für Glühzeitautomatik, Glühkerze 1, Glühkerze 2, Glühkerze 3, Glühkerze 4	660
7. Geber für Kraftstoffvorratsanzeige, Kraftstoffp umpe für Vorförderung, Kraftstoffpumpenrela is, Steuergerät für Kraftstoffpumpe
661
8. Motorsteuergerät	662
9. Ladedruckgeber, Ansauglufttemperaturgeber, Gaspedalstellungsgeber, Gaspedalstellungs geber 2, Motorsteuergerät	663
10. Motordrehzahlgeber, Hallgeber, Kühlmitteltemperaturgeber, Kraftstofftemperaturgeber, Motorsteuergerät	664
11. Motorsteuergerät, Ventil für Pumpe/Düse	665
12. Kühlmitteltemperaturgeber am Kühlerausgang, Motorsteuergerät	666
13. Luftmassenmesser, Motorsteuergerät, Abgas rückführungsventil, Magnetventil für Ladedruc kbegrenzung, Umschaltventil für Kühler der Abgasrückführung
667
14. Lambdasonde, Motorsteuergerät, Heizung für Lambdasonde	668
15. Bremslichtschalter, Bremspedalschalter, Motorsteuergerät	669
16. Kupplungspositionsgeber, Motorsteuergerät	670
17. Multifunktionsanzeige, Steuergerät im Schalttafeleinsatz, Bordnetzsteuergerät, Diagnose-Interface für Datenbus, Fehlerlampe für elektr onische Gasbetätigung
671
18. Kraftstoffvorratsanzeige, Kühlmitteltemperatur anzeige, Drehzahlmesser, Steuergerät im Schalttafeleinsatz	672
19. Öldruckschalter, Ölstands- und Öltemperaturg eber, Summer und Gong, Steuergerät im Sch alttafeleinsatz, Kontrollleuchte für Öldruck, Kontro llleuchte für Ölstand
673
063 - 1,9 l - Turbodiesel mit Pumpe-Düse-Einheit/77 kW, Motorkennbuchstaben BLS	674-693
1. 1,9 l - Turbodiesel mit Pumpe-Düse-Einheit/77 kW, Motorkennbuchstaben BLS	674
2. Batterie, Anlasser, Drehstromgenerator	675
3. Zündanlassschalter, Schalter für GRA, SET-Taster für GRA, Bordnetzsteuergerät, Steuergerät für Lenksäulenelektronik	676
4. Relais für Spannungsversorgung der Kl. 30, Steuergerät für Lenksäulenelektronik	677
5. Sicherung auf Sicherungshalter	678
6. Steuergerät für Glühzeitautomatik, Glühkerze 1, Glühkerze 2, Glühkerze 3, Glühkerze 4	679
7. Geber für Kraftstoffvorratsanzeige, Kraftstoffpumpe für Vorförderung, Kraftstoffpumpenrelais, Relais für Spannungsversorgung Kl. 30
680
8. Motorsteuergerät	681
9. Ladedruckgeber, Ansauglufttemperaturgeber, Gaspedalstellungsgeber, Gaspedalstellungsgeber 2, Motorsteuergerät, Heizung für Kurbelgehäuseentlüftung
682
10. Motordrehzahlgeber, Hallgeber, Kühlmitteltemperaturgeber, Kraftstofftemperaturgeber, Motorsteuergerät	683
11. Motorsteuergerät, Ventil für Pumpe/Düse Zylinder 1,2, 3,4	684
12. Luftmassenmesser, Motorsteuergerät, Abgas rückführungsventil, Magnetventil für Ladedruckbegrenzung, Umschaltventil für Kühler der Abgasrückführung
685
13. Bremslichtschalter, Bremspedalschalter, Kupplungspositionsgeber	686
14. Lambdasonde, Lambdasonde 1, Abgastemperaturgeber 2, Motorsteuergerät	687
15. Bremslichtschalter, Kupplungspositionsgeber, Motorsteuergerät, Potentiometer für Abgasrückführung, Motor für Saugrohrklappe
688
16. Drucksensor 1 für Abgas, Temperaturgeber nach Partikelfilter, Motorsteuergerät	689
